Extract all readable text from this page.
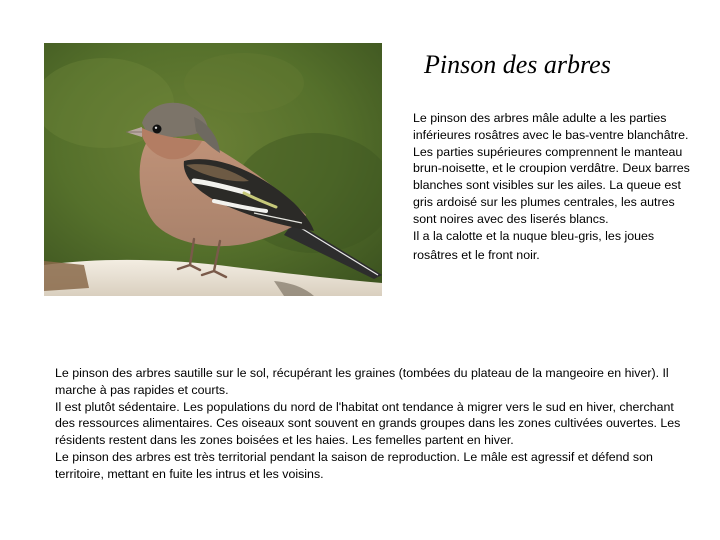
Pinson des arbres

Le pinson des arbres mâle adulte a les parties inférieures rosâtres avec le bas-ventre blanchâtre. Les parties supérieures comprennent le manteau brun-noisette, et le croupion verdâtre. Deux barres blanches sont visibles sur les ailes. La queue est gris ardoisé sur les plumes centrales, les autres sont noires avec des liserés blancs.

Il a la calotte et la nuque bleu-gris, les joues

rosâtres et le front noir.

Le pinson des arbres sautille sur le sol, récupérant les graines (tombées du plateau de la mangeoire en hiver). Il marche à pas rapides et courts.

Il est plutôt sédentaire. Les populations du nord de l'habitat ont tendance à migrer vers le sud en hiver, cherchant des ressources alimentaires. Ces oiseaux sont souvent en grands groupes dans les zones cultivées ouvertes. Les résidents restent dans les zones boisées et les haies. Les femelles partent en hiver.

Le pinson des arbres est très territorial pendant la saison de reproduction. Le mâle est agressif et défend son territoire, mettant en fuite les intrus et les voisins.
